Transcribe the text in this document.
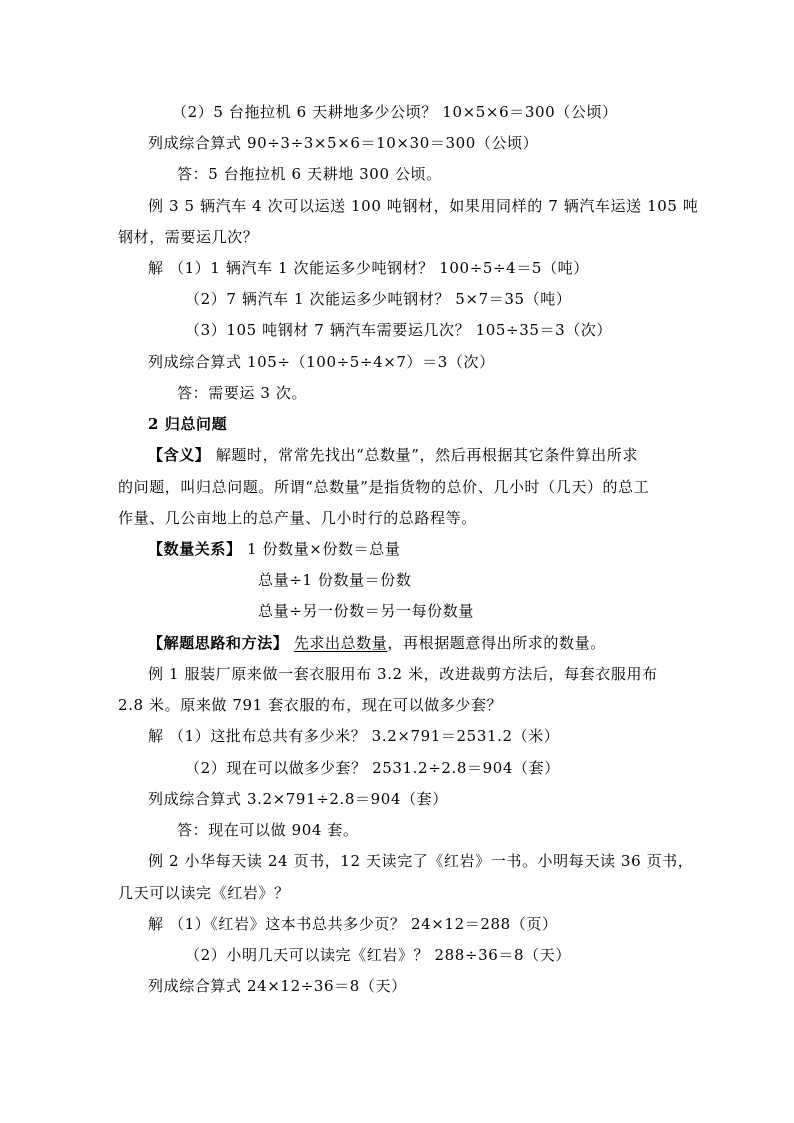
（2）5 台拖拉机 6 天耕地多少公顷？ 10×5×6＝300（公顷）
列成综合算式 90÷3÷3×5×6＝10×30＝300（公顷）
答：5 台拖拉机 6 天耕地 300 公顷。
例 3 5 辆汽车 4 次可以运送 100 吨钢材，如果用同样的 7 辆汽车运送 105 吨
钢材，需要运几次？
解 （1）1 辆汽车 1 次能运多少吨钢材？ 100÷5÷4＝5（吨）
（2）7 辆汽车 1 次能运多少吨钢材？ 5×7＝35（吨）
（3）105 吨钢材 7 辆汽车需要运几次？ 105÷35＝3（次）
列成综合算式 105÷（100÷5÷4×7）＝3（次）
答：需要运 3 次。
2 归总问题
【含义】 解题时，常常先找出“总数量”，然后再根据其它条件算出所求
的问题，叫归总问题。所谓“总数量”是指货物的总价、几小时（几天）的总工
作量、几公亩地上的总产量、几小时行的总路程等。
【数量关系】 1 份数量×份数＝总量
总量÷1 份数量＝份数
总量÷另一份数＝另一每份数量
【解题思路和方法】 先求出总数量，再根据题意得出所求的数量。
例 1 服装厂原来做一套衣服用布 3.2 米，改进裁剪方法后，每套衣服用布
2.8 米。原来做 791 套衣服的布，现在可以做多少套？
解 （1）这批布总共有多少米？ 3.2×791＝2531.2（米）
（2）现在可以做多少套？ 2531.2÷2.8＝904（套）
列成综合算式 3.2×791÷2.8＝904（套）
答：现在可以做 904 套。
例 2 小华每天读 24 页书，12 天读完了《红岩》一书。小明每天读 36 页书，
几天可以读完《红岩》？
解 （1）《红岩》这本书总共多少页？ 24×12＝288（页）
（2）小明几天可以读完《红岩》？ 288÷36＝8（天）
列成综合算式 24×12÷36＝8（天）
